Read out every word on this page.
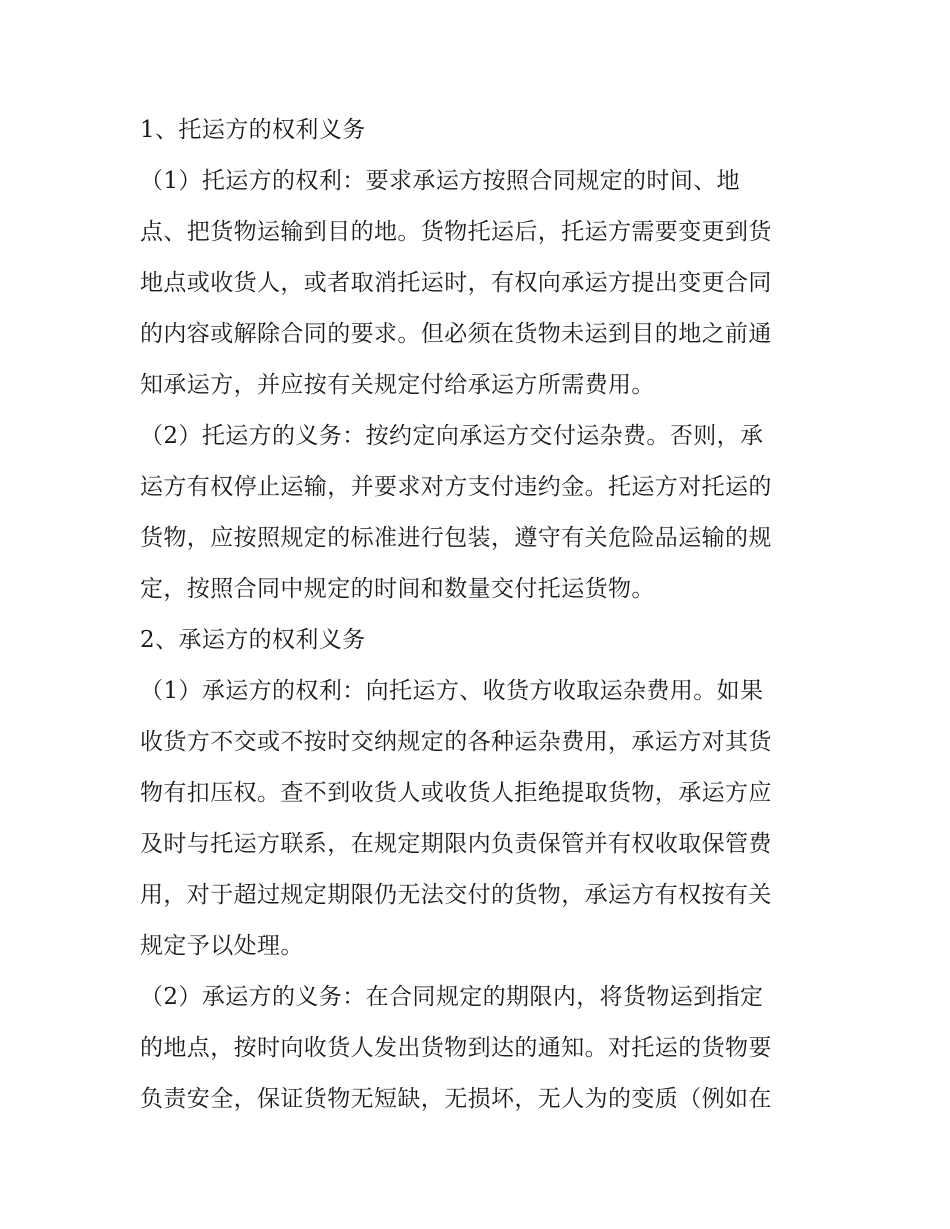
1、托运方的权利义务
（1）托运方的权利：要求承运方按照合同规定的时间、地
点、把货物运输到目的地。货物托运后，托运方需要变更到货
地点或收货人，或者取消托运时，有权向承运方提出变更合同
的内容或解除合同的要求。但必须在货物未运到目的地之前通
知承运方，并应按有关规定付给承运方所需费用。
（2）托运方的义务：按约定向承运方交付运杂费。否则，承
运方有权停止运输，并要求对方支付违约金。托运方对托运的
货物，应按照规定的标准进行包装，遵守有关危险品运输的规
定，按照合同中规定的时间和数量交付托运货物。
2、承运方的权利义务
（1）承运方的权利：向托运方、收货方收取运杂费用。如果
收货方不交或不按时交纳规定的各种运杂费用，承运方对其货
物有扣压权。查不到收货人或收货人拒绝提取货物，承运方应
及时与托运方联系，在规定期限内负责保管并有权收取保管费
用，对于超过规定期限仍无法交付的货物，承运方有权按有关
规定予以处理。
（2）承运方的义务：在合同规定的期限内，将货物运到指定
的地点，按时向收货人发出货物到达的通知。对托运的货物要
负责安全，保证货物无短缺，无损坏，无人为的变质（例如在
